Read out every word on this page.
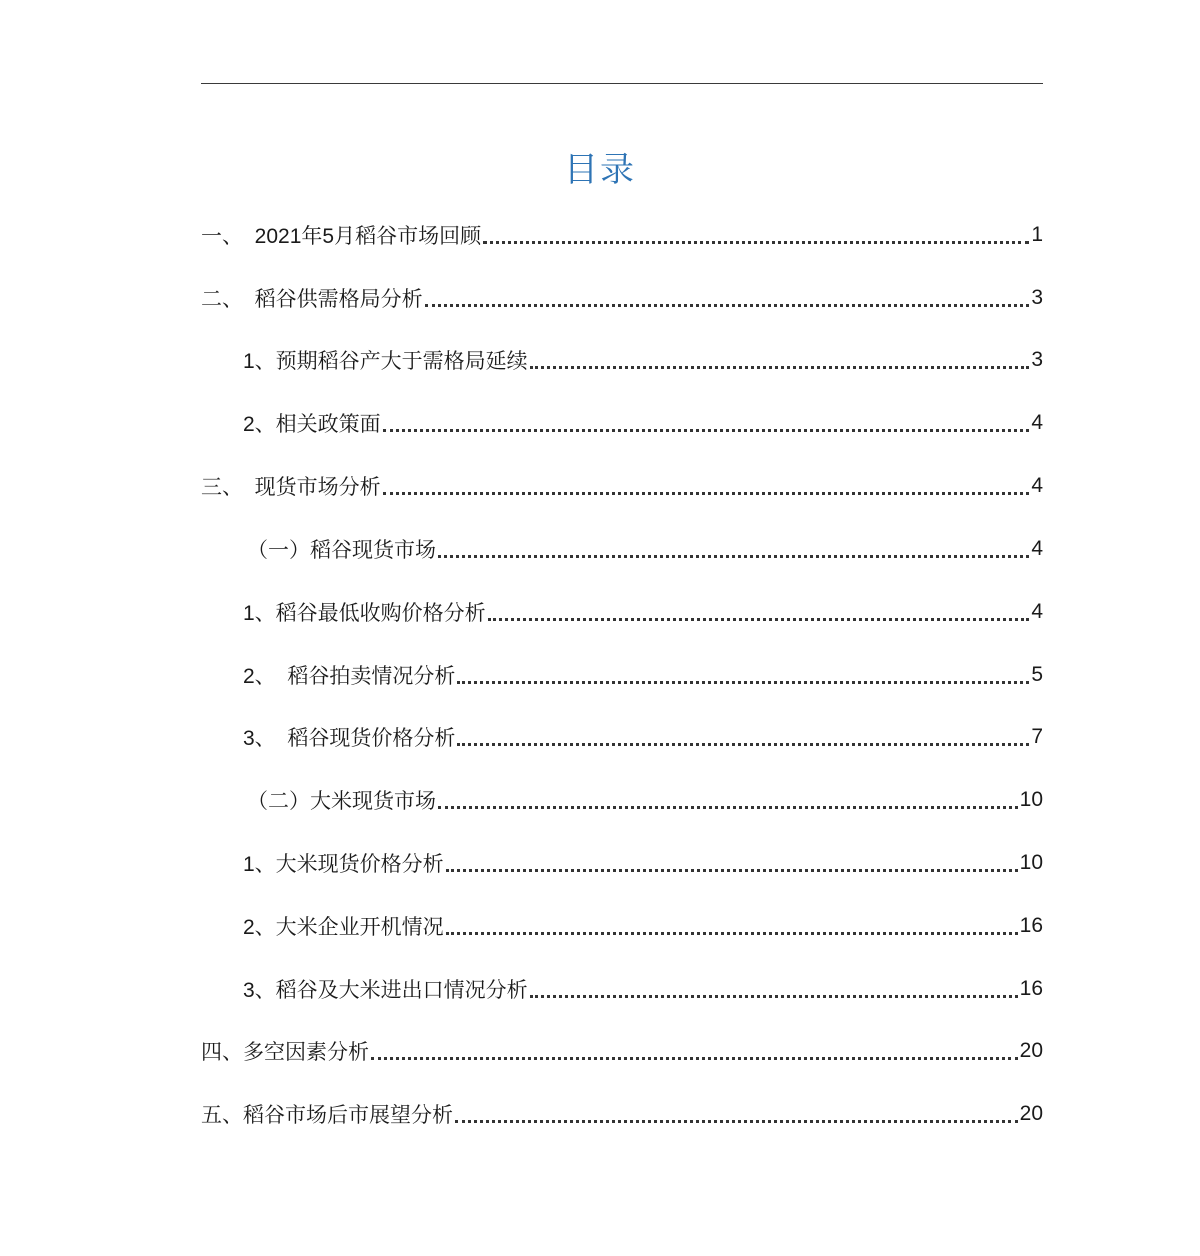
目录
一、 2021年5月稻谷市场回顾	1
二、 稻谷供需格局分析	3
1、预期稻谷产大于需格局延续	3
2、相关政策面	4
三、 现货市场分析	4
（一）稻谷现货市场	4
1、稻谷最低收购价格分析	4
2、 稻谷拍卖情况分析	5
3、 稻谷现货价格分析	7
（二）大米现货市场	10
1、大米现货价格分析	10
2、大米企业开机情况	16
3、稻谷及大米进出口情况分析	16
四、多空因素分析	20
五、稻谷市场后市展望分析	20
